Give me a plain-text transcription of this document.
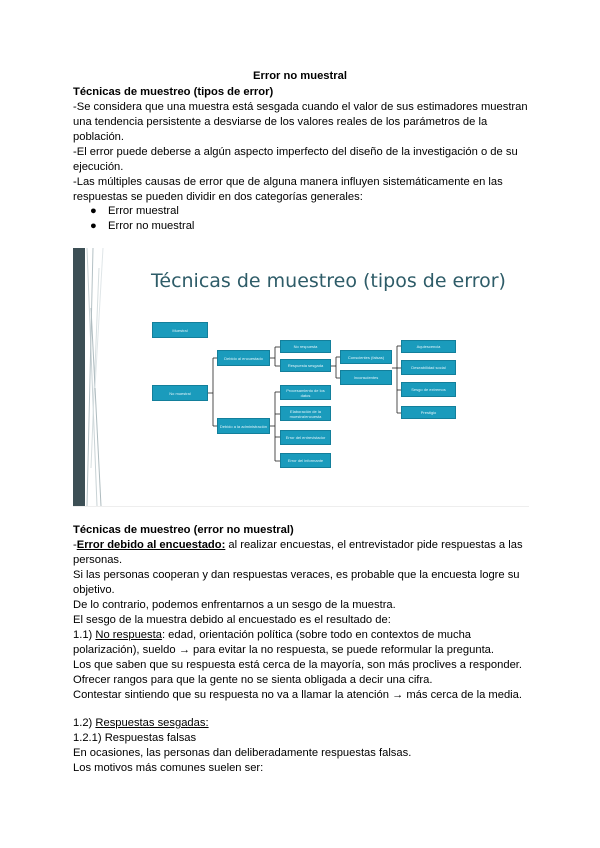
Error no muestral
Técnicas de muestreo (tipos de error)
-Se considera que una muestra está sesgada cuando el valor de sus estimadores muestran
una tendencia persistente a desviarse de los valores reales de los parámetros de la
población.
-El error puede deberse a algún aspecto imperfecto del diseño de la investigación o de su
ejecución.
-Las múltiples causas de error que de alguna manera influyen sistemáticamente en las
respuestas se pueden dividir en dos categorías generales:
● Error muestral
● Error no muestral
Técnicas de muestreo (tipos de error)
Muestral
No muestral
Debido al encuestado
Debido a la administración
No respuesta
Respuesta sesgada
Procesamiento de los datos
Elaboración de la muestra/encuesta
Error del entrevistador
Error del informante
Conscientes (falsas)
Inconscientes
Aquiescencia
Deseabilidad social
Sesgo de extremos
Prestigio
Técnicas de muestreo (error no muestral)
-Error debido al encuestado: al realizar encuestas, el entrevistador pide respuestas a las
personas.
Si las personas cooperan y dan respuestas veraces, es probable que la encuesta logre su
objetivo.
De lo contrario, podemos enfrentarnos a un sesgo de la muestra.
El sesgo de la muestra debido al encuestado es el resultado de:
1.1) No respuesta: edad, orientación política (sobre todo en contextos de mucha
polarización), sueldo → para evitar la no respuesta, se puede reformular la pregunta.
Los que saben que su respuesta está cerca de la mayoría, son más proclives a responder.
Ofrecer rangos para que la gente no se sienta obligada a decir una cifra.
Contestar sintiendo que su respuesta no va a llamar la atención → más cerca de la media.
1.2) Respuestas sesgadas:
1.2.1) Respuestas falsas
En ocasiones, las personas dan deliberadamente respuestas falsas.
Los motivos más comunes suelen ser:
